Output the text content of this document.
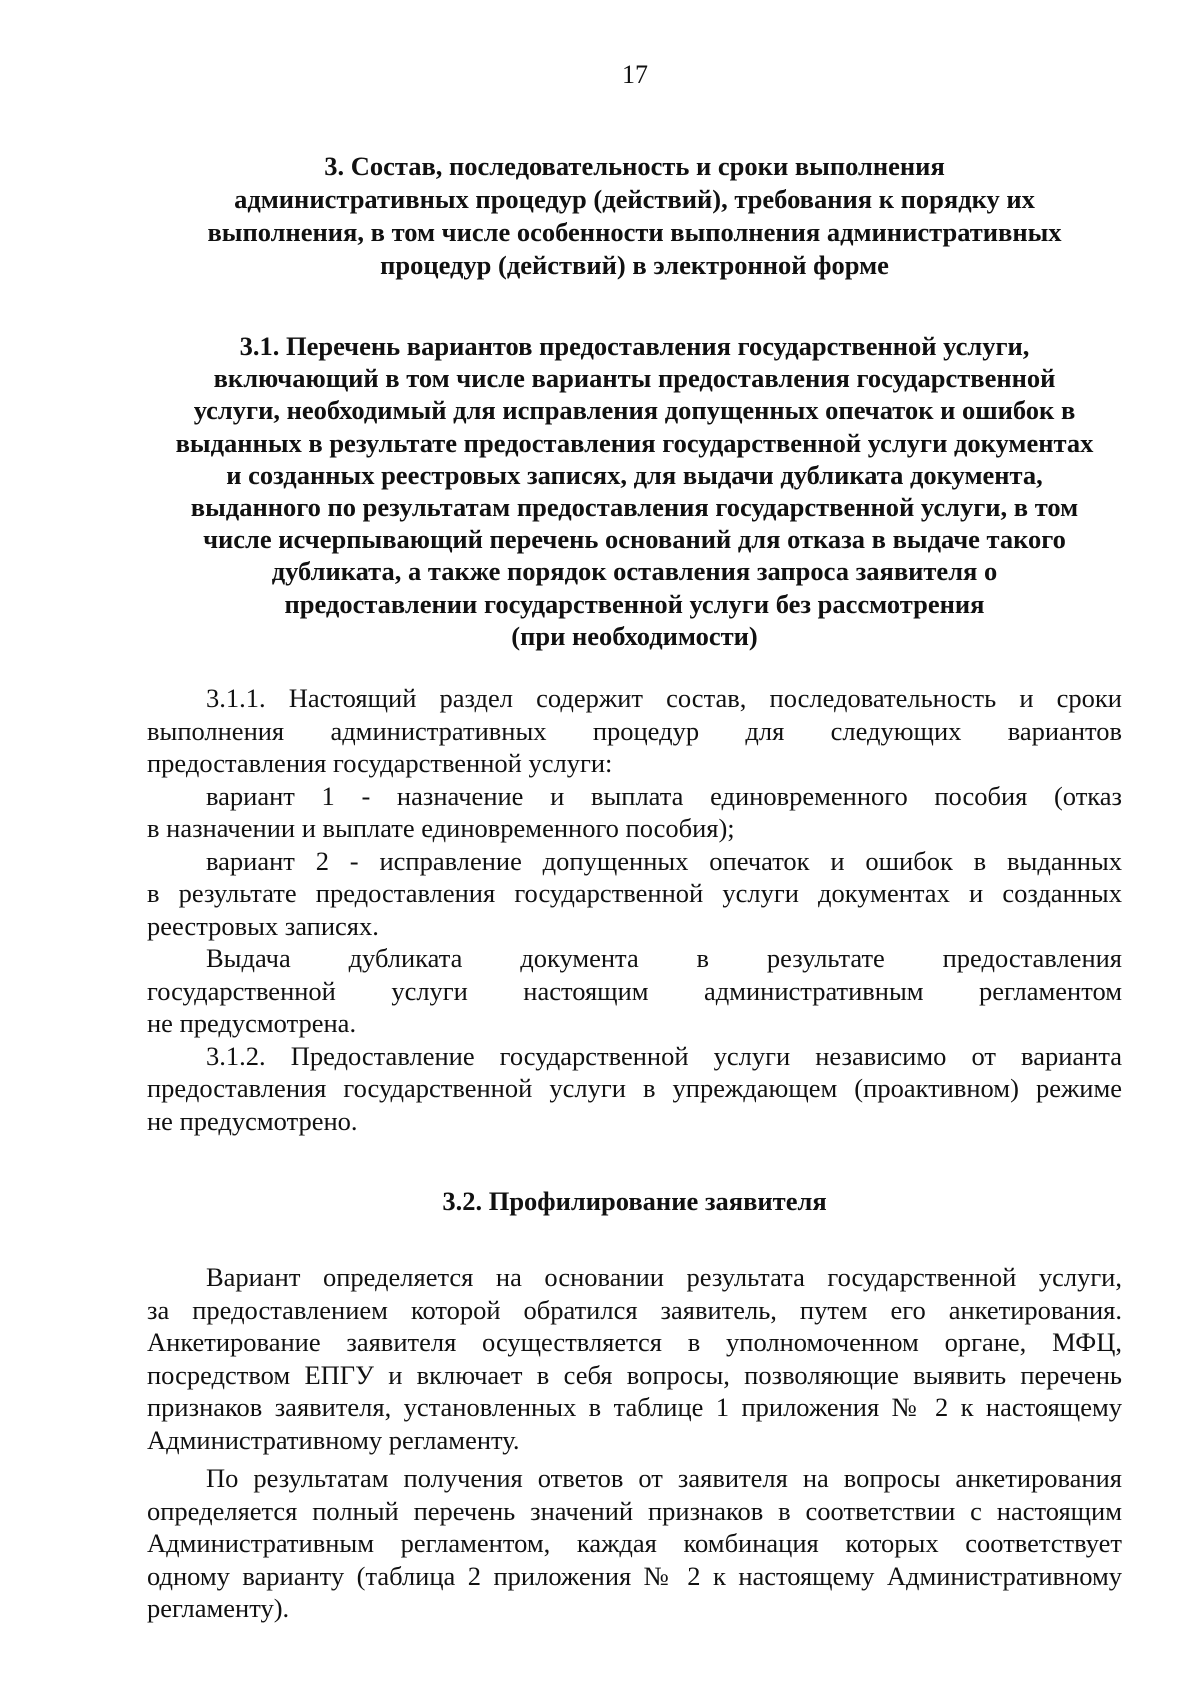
17
3. Состав, последовательность и сроки выполнения
административных процедур (действий), требования к порядку их
выполнения, в том числе особенности выполнения административных
процедур (действий) в электронной форме
3.1. Перечень вариантов предоставления государственной услуги,
включающий в том числе варианты предоставления государственной
услуги, необходимый для исправления допущенных опечаток и ошибок в
выданных в результате предоставления государственной услуги документах
и созданных реестровых записях, для выдачи дубликата документа,
выданного по результатам предоставления государственной услуги, в том
числе исчерпывающий перечень оснований для отказа в выдаче такого
дубликата, а также порядок оставления запроса заявителя о
предоставлении государственной услуги без рассмотрения
(при необходимости)
3.1.1. Настоящий раздел содержит состав, последовательность и сроки
выполнения административных процедур для следующих вариантов
предоставления государственной услуги:
вариант 1 - назначение и выплата единовременного пособия (отказ
в назначении и выплате единовременного пособия);
вариант 2 - исправление допущенных опечаток и ошибок в выданных
в результате предоставления государственной услуги документах и созданных
реестровых записях.
Выдача дубликата документа в результате предоставления
государственной услуги настоящим административным регламентом
не предусмотрена.
3.1.2. Предоставление государственной услуги независимо от варианта
предоставления государственной услуги в упреждающем (проактивном) режиме
не предусмотрено.
3.2. Профилирование заявителя
Вариант определяется на основании результата государственной услуги,
за предоставлением которой обратился заявитель, путем его анкетирования.
Анкетирование заявителя осуществляется в уполномоченном органе, МФЦ,
посредством ЕПГУ и включает в себя вопросы, позволяющие выявить перечень
признаков заявителя, установленных в таблице 1 приложения № 2 к настоящему
Административному регламенту.
По результатам получения ответов от заявителя на вопросы анкетирования
определяется полный перечень значений признаков в соответствии с настоящим
Административным регламентом, каждая комбинация которых соответствует
одному варианту (таблица 2 приложения № 2 к настоящему Административному
регламенту).
